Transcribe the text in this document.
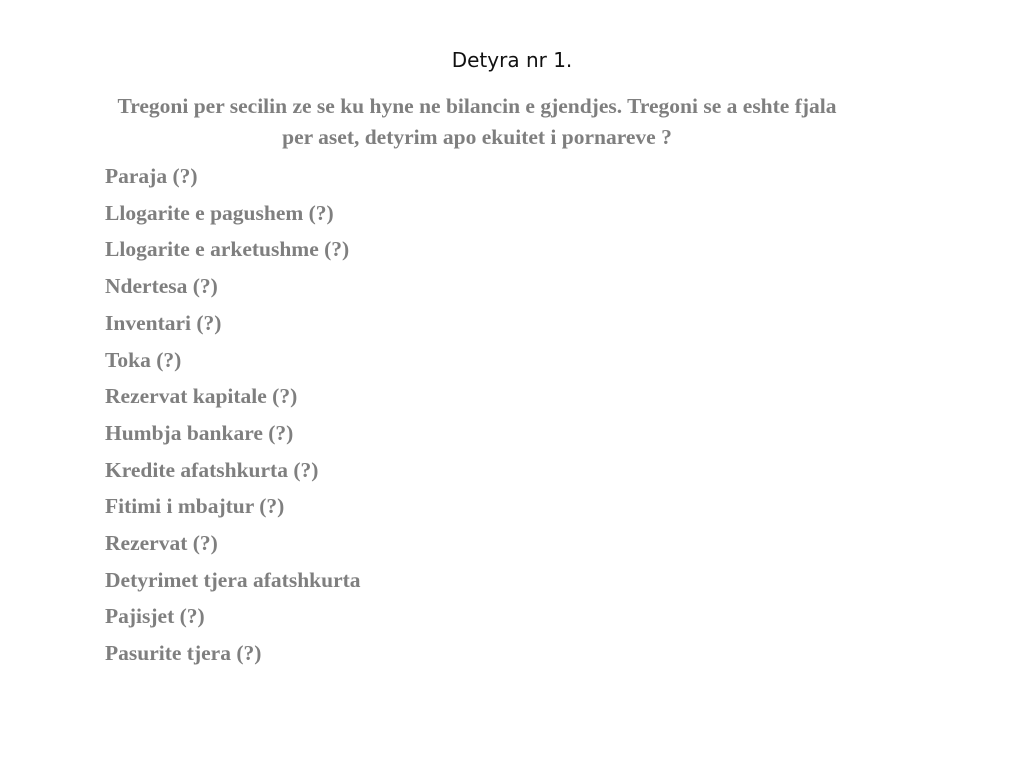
Detyra nr 1.

Tregoni per secilin ze se ku hyne ne bilancin e gjendjes. Tregoni se a eshte fjala per aset, detyrim apo ekuitet i pornareve ?

Paraja (?)
Llogarite e pagushem (?)
Llogarite e arketushme (?)
Ndertesa (?)
Inventari (?)
Toka (?)
Rezervat kapitale (?)
Humbja bankare (?)
Kredite afatshkurta (?)
Fitimi i mbajtur (?)
Rezervat (?)
Detyrimet tjera afatshkurta
Pajisjet (?)
Pasurite tjera (?)
